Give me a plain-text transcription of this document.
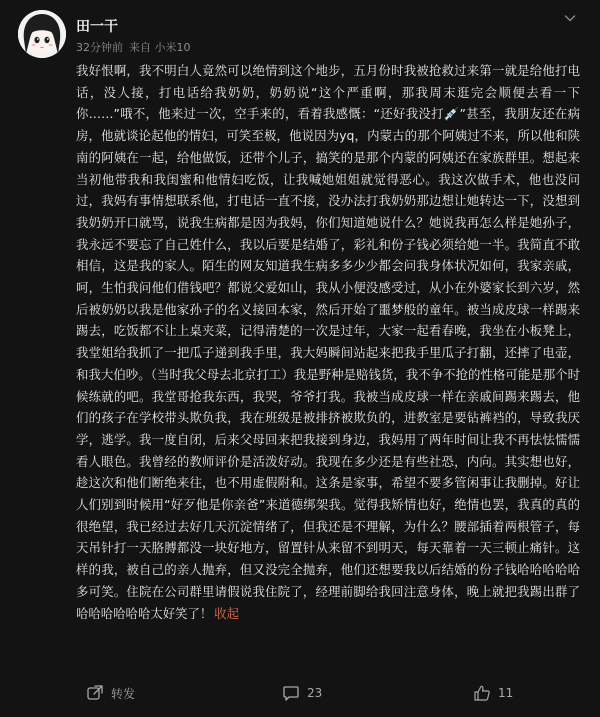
田一干
32分钟前 来自 小米10
我好恨啊，我不明白人竟然可以绝情到这个地步，五月份时我被抢救过来第一就是给他打电话，没人接，打电话给我奶奶，奶奶说“这个严重啊，那我周末逛完会顺便去看一下你……”哦不，他来过一次，空手来的，看着我感慨：“还好我没打💉”甚至，我朋友还在病房，他就谈论起他的情妇，可笑至极，他说因为yq，内蒙古的那个阿姨过不来，所以他和陕南的阿姨在一起，给他做饭，还带个儿子，搞笑的是那个内蒙的阿姨还在家族群里。想起来当初他带我和我闺蜜和他情妇吃饭，让我喊她姐姐就觉得恶心。我这次做手术，他也没问过，我妈有事情想联系他，打电话一直不接，没办法打我奶奶那边想让她转达一下，没想到我奶奶开口就骂，说我生病都是因为我妈，你们知道她说什么？她说我再怎么样是她孙子，我永远不要忘了自己姓什么，我以后要是结婚了，彩礼和份子钱必须给她一半。我简直不敢相信，这是我的家人。陌生的网友知道我生病多多少少都会问我身体状况如何，我家亲戚，呵，生怕我问他们借钱吧？都说父爱如山，我从小便没感受过，从小在外婆家长到六岁，然后被奶奶以我是他家孙子的名义接回本家，然后开始了噩梦般的童年。被当成皮球一样踢来踢去，吃饭都不让上桌夹菜，记得清楚的一次是过年，大家一起看春晚，我坐在小板凳上，我堂姐给我抓了一把瓜子递到我手里，我大妈瞬间站起来把我手里瓜子打翻，还摔了电壶，和我大伯吵。（当时我父母去北京打工）我是野种是赔钱货，我不争不抢的性格可能是那个时候练就的吧。我堂哥抢我东西，我哭，爷爷打我。我被当成皮球一样在亲戚间踢来踢去，他们的孩子在学校带头欺负我，我在班级是被排挤被欺负的，进教室是要钻裤裆的，导致我厌学，逃学。我一度自闭，后来父母回来把我接到身边，我妈用了两年时间让我不再怯怯懦懦看人眼色。我曾经的教师评价是活泼好动。我现在多少还是有些社恐，内向。其实想也好，趁这次和他们断绝来往，也不用虚假附和。这条是家事，希望不要多管闲事让我删掉。好让人们别到时候用“好歹他是你亲爸”来道德绑架我。觉得我矫情也好，绝情也罢，我真的真的很绝望，我已经过去好几天沉淀情绪了，但我还是不理解，为什么？腰部插着两根管子，每天吊针打一天胳膊都没一块好地方，留置针从来留不到明天，每天靠着一天三顿止痛针。这样的我，被自己的亲人抛弃，但又没完全抛弃，他们还想要我以后结婚的份子钱哈哈哈哈哈多可笑。住院在公司群里请假说我住院了，经理前脚给我回注意身体，晚上就把我踢出群了哈哈哈哈哈哈太好笑了！ 收起
转发	23	11
